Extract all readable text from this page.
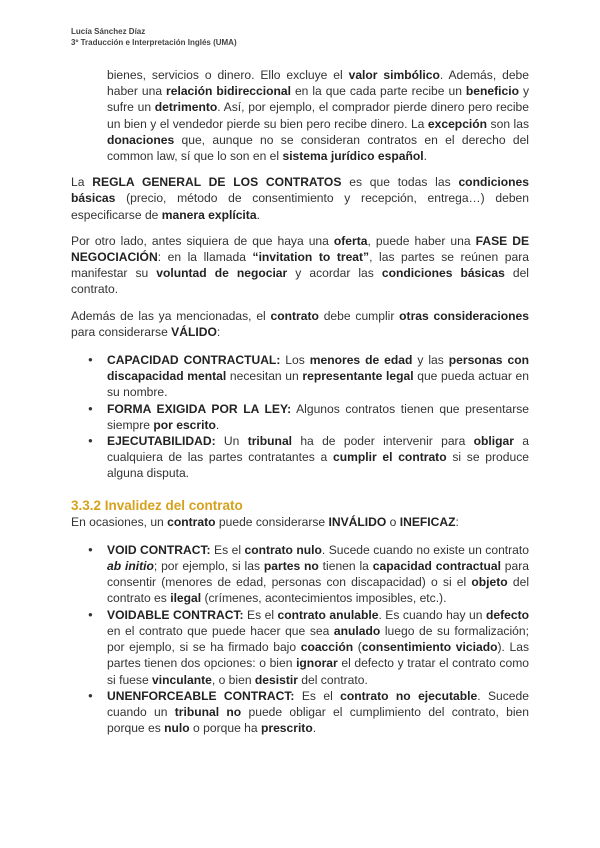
Lucía Sánchez Díaz
3º Traducción e Interpretación Inglés (UMA)

bienes, servicios o dinero. Ello excluye el valor simbólico. Además, debe haber una relación bidireccional en la que cada parte recibe un beneficio y sufre un detrimento. Así, por ejemplo, el comprador pierde dinero pero recibe un bien y el vendedor pierde su bien pero recibe dinero. La excepción son las donaciones que, aunque no se consideran contratos en el derecho del common law, sí que lo son en el sistema jurídico español.

La REGLA GENERAL DE LOS CONTRATOS es que todas las condiciones básicas (precio, método de consentimiento y recepción, entrega…) deben especificarse de manera explícita.

Por otro lado, antes siquiera de que haya una oferta, puede haber una FASE DE NEGOCIACIÓN: en la llamada “invitation to treat”, las partes se reúnen para manifestar su voluntad de negociar y acordar las condiciones básicas del contrato.

Además de las ya mencionadas, el contrato debe cumplir otras consideraciones para considerarse VÁLIDO:

● CAPACIDAD CONTRACTUAL: Los menores de edad y las personas con discapacidad mental necesitan un representante legal que pueda actuar en su nombre.
● FORMA EXIGIDA POR LA LEY: Algunos contratos tienen que presentarse siempre por escrito.
● EJECUTABILIDAD: Un tribunal ha de poder intervenir para obligar a cualquiera de las partes contratantes a cumplir el contrato si se produce alguna disputa.
3.3.2 Invalidez del contrato

En ocasiones, un contrato puede considerarse INVÁLIDO o INEFICAZ:

● VOID CONTRACT: Es el contrato nulo. Sucede cuando no existe un contrato ab initio; por ejemplo, si las partes no tienen la capacidad contractual para consentir (menores de edad, personas con discapacidad) o si el objeto del contrato es ilegal (crímenes, acontecimientos imposibles, etc.).
● VOIDABLE CONTRACT: Es el contrato anulable. Es cuando hay un defecto en el contrato que puede hacer que sea anulado luego de su formalización; por ejemplo, si se ha firmado bajo coacción (consentimiento viciado). Las partes tienen dos opciones: o bien ignorar el defecto y tratar el contrato como si fuese vinculante, o bien desistir del contrato.
● UNENFORCEABLE CONTRACT: Es el contrato no ejecutable. Sucede cuando un tribunal no puede obligar el cumplimiento del contrato, bien porque es nulo o porque ha prescrito.
